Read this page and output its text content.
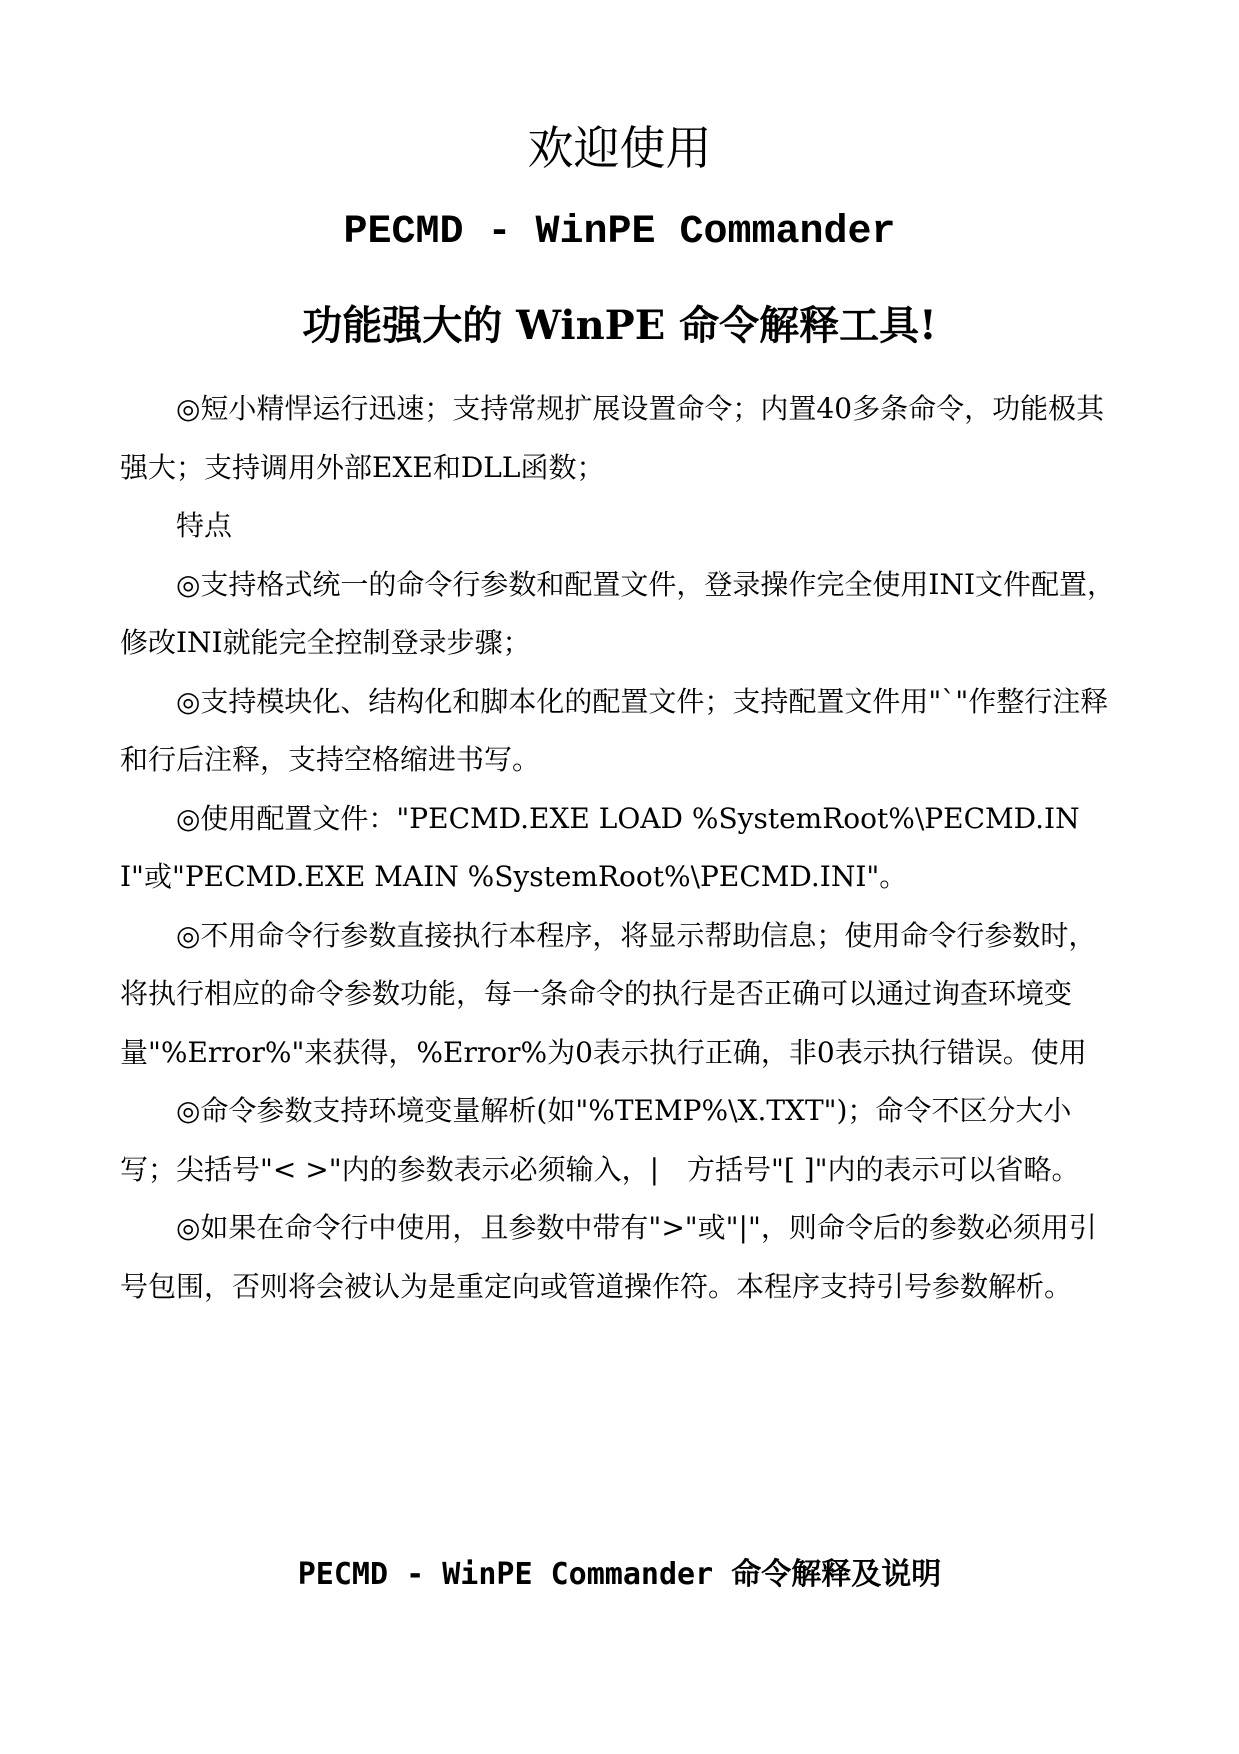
欢迎使用
PECMD - WinPE Commander
功能强大的 WinPE 命令解释工具!

◎短小精悍运行迅速；支持常规扩展设置命令；内置40多条命令，功能极其强大；支持调用外部EXE和DLL函数；

特点

◎支持格式统一的命令行参数和配置文件，登录操作完全使用INI文件配置，修改INI就能完全控制登录步骤；

◎支持模块化、结构化和脚本化的配置文件；支持配置文件用"`"作整行注释和行后注释，支持空格缩进书写。

◎使用配置文件："PECMD.EXE LOAD %SystemRoot%\PECMD.INI"或"PECMD.EXE MAIN %SystemRoot%\PECMD.INI"。

◎不用命令行参数直接执行本程序，将显示帮助信息；使用命令行参数时，将执行相应的命令参数功能，每一条命令的执行是否正确可以通过询查环境变量"%Error%"来获得，%Error%为0表示执行正确，非0表示执行错误。使用

◎命令参数支持环境变量解析(如"%TEMP%\X.TXT")；命令不区分大小写；尖括号"< >"内的参数表示必须输入，|　方括号"[ ]"内的表示可以省略。

◎如果在命令行中使用，且参数中带有">"或"|"，则命令后的参数必须用引号包围，否则将会被认为是重定向或管道操作符。本程序支持引号参数解析。

PECMD - WinPE Commander 命令解释及说明
